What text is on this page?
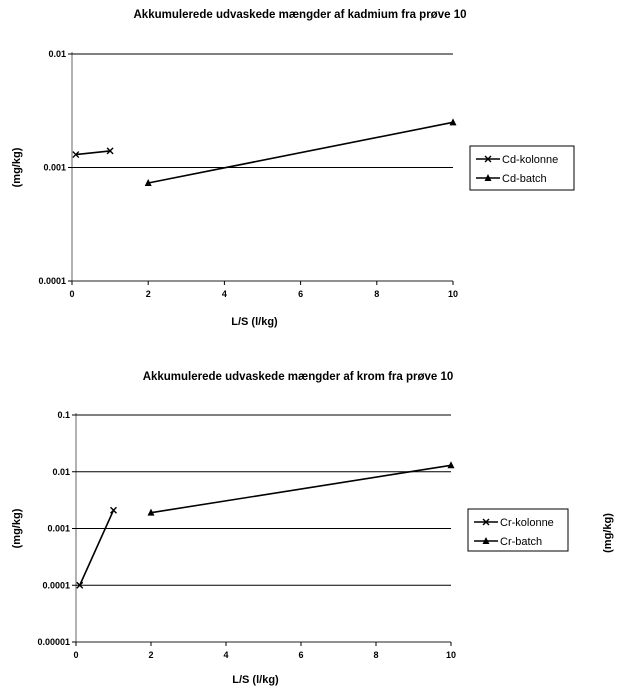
Akkumulerede udvaskede mængder af kadmium fra prøve 10
0.01
0.001
0.0001
0	2	4	6	8	10
L/S (l/kg)
(mg/kg)	Cd-kolonne
Cd-batch
Akkumulerede udvaskede mængder af krom fra prøve 10
0.1
0.01
0.001
0.0001
0.00001
0	2	4	6	8	10
L/S (l/kg)
(mg/kg)	Cr-kolonne
Cr-batch	(mg/kg)
